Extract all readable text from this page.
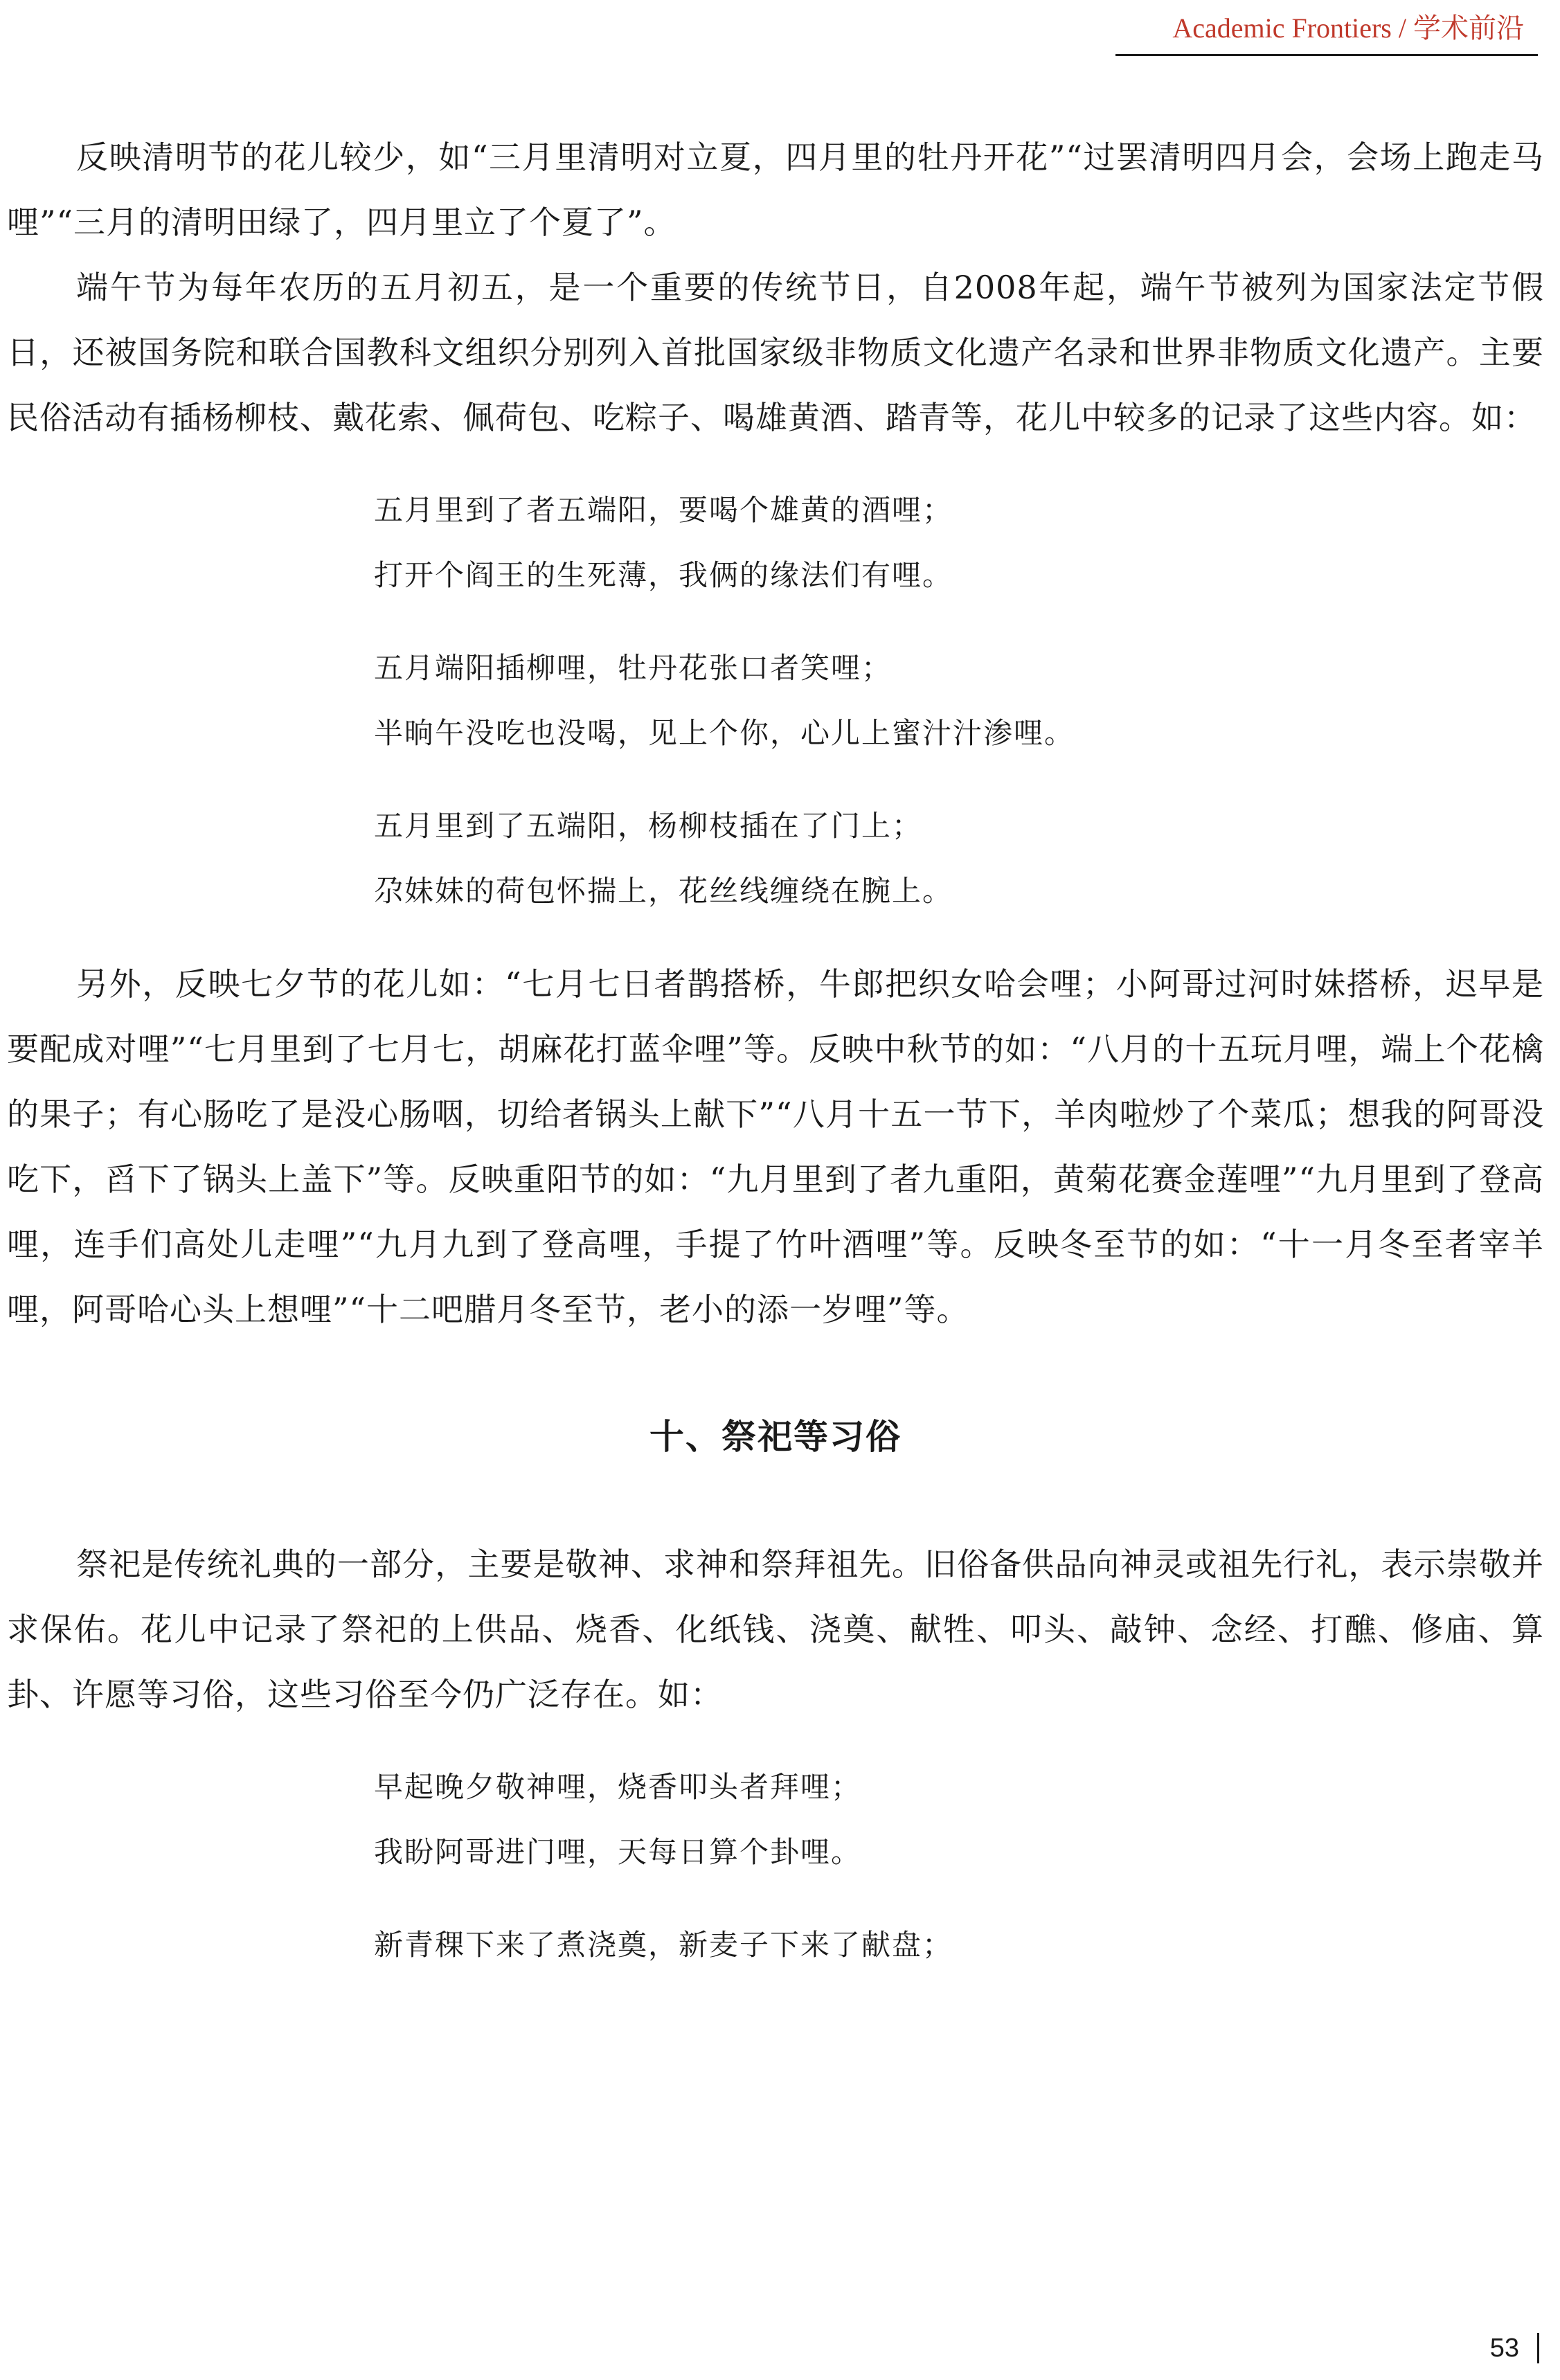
Academic Frontiers / 学术前沿

反映清明节的花儿较少，如“三月里清明对立夏，四月里的牡丹开花”“过罢清明四月会，会场上跑走马哩”“三月的清明田绿了，四月里立了个夏了”。

端午节为每年农历的五月初五，是一个重要的传统节日，自2008年起，端午节被列为国家法定节假日，还被国务院和联合国教科文组织分别列入首批国家级非物质文化遗产名录和世界非物质文化遗产。主要民俗活动有插杨柳枝、戴花索、佩荷包、吃粽子、喝雄黄酒、踏青等，花儿中较多的记录了这些内容。如：

五月里到了者五端阳，要喝个雄黄的酒哩；
打开个阎王的生死薄，我俩的缘法们有哩。
五月端阳插柳哩，牡丹花张口者笑哩；
半晌午没吃也没喝，见上个你，心儿上蜜汁汁渗哩。
五月里到了五端阳，杨柳枝插在了门上；
尕妹妹的荷包怀揣上，花丝线缠绕在腕上。

另外，反映七夕节的花儿如：“七月七日者鹊搭桥，牛郎把织女哈会哩；小阿哥过河时妹搭桥，迟早是要配成对哩”“七月里到了七月七，胡麻花打蓝伞哩”等。反映中秋节的如：“八月的十五玩月哩，端上个花檎的果子；有心肠吃了是没心肠咽，切给者锅头上献下”“八月十五一节下，羊肉啦炒了个菜瓜；想我的阿哥没吃下，舀下了锅头上盖下”等。反映重阳节的如：“九月里到了者九重阳，黄菊花赛金莲哩”“九月里到了登高哩，连手们高处儿走哩”“九月九到了登高哩，手提了竹叶酒哩”等。反映冬至节的如：“十一月冬至者宰羊哩，阿哥哈心头上想哩”“十二吧腊月冬至节，老小的添一岁哩”等。

十、祭祀等习俗

祭祀是传统礼典的一部分，主要是敬神、求神和祭拜祖先。旧俗备供品向神灵或祖先行礼，表示崇敬并求保佑。花儿中记录了祭祀的上供品、烧香、化纸钱、浇奠、献牲、叩头、敲钟、念经、打醮、修庙、算卦、许愿等习俗，这些习俗至今仍广泛存在。如：

早起晚夕敬神哩，烧香叩头者拜哩；
我盼阿哥进门哩，天每日算个卦哩。
新青稞下来了煮浇奠，新麦子下来了献盘；
53
